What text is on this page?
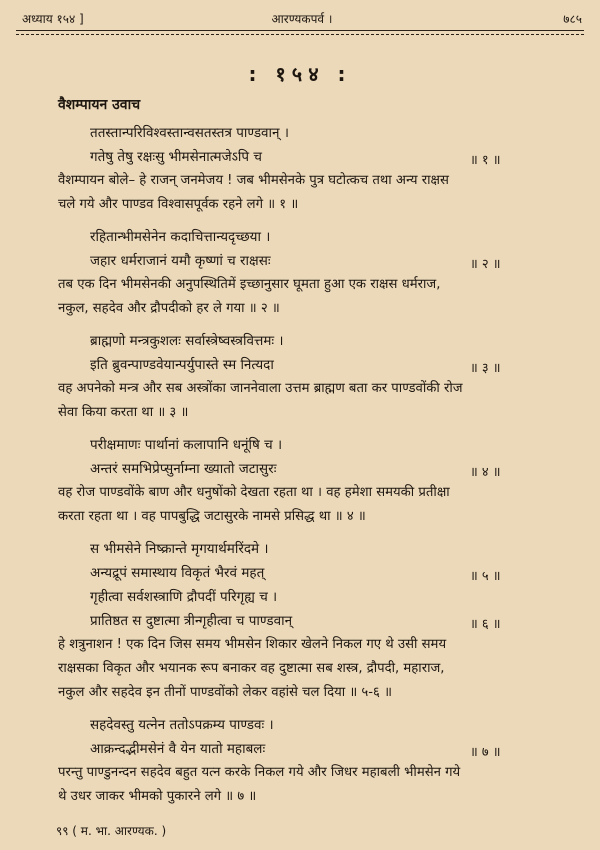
अध्याय १५४ ]	आरण्यकपर्व ।	७८५
: १५४ :
वैशम्पायन उवाच
ततस्तान्परिविश्वस्तान्वसतस्तत्र पाण्डवान् ।
गतेषु तेषु रक्षःसु भीमसेनात्मजेऽपि च	॥ १ ॥
वैशम्पायन बोले– हे राजन् जनमेजय ! जब भीमसेनके पुत्र घटोत्कच तथा अन्य राक्षस
चले गये और पाण्डव विश्वासपूर्वक रहने लगे ॥ १ ॥
रहितान्भीमसेनेन कदाचित्तान्यदृच्छया ।
जहार धर्मराजानं यमौ कृष्णां च राक्षसः	॥ २ ॥
तब एक दिन भीमसेनकी अनुपस्थितिमें इच्छानुसार घूमता हुआ एक राक्षस धर्मराज,
नकुल, सहदेव और द्रौपदीको हर ले गया ॥ २ ॥
ब्राह्मणो मन्त्रकुशलः सर्वास्त्रेष्वस्त्रवित्तमः ।
इति ब्रुवन्पाण्डवेयान्पर्युपास्ते स्म नित्यदा	॥ ३ ॥
वह अपनेको मन्त्र और सब अस्त्रोंका जाननेवाला उत्तम ब्राह्मण बता कर पाण्डवोंकी रोज
सेवा किया करता था ॥ ३ ॥
परीक्षमाणः पार्थानां कलापानि धनूंषि च ।
अन्तरं समभिप्रेप्सुर्नाम्ना ख्यातो जटासुरः	॥ ४ ॥
वह रोज पाण्डवोंके बाण और धनुषोंको देखता रहता था । वह हमेशा समयकी प्रतीक्षा
करता रहता था । वह पापबुद्धि जटासुरके नामसे प्रसिद्ध था ॥ ४ ॥
स भीमसेने निष्क्रान्ते मृगयार्थमरिंदमे ।
अन्यद्रूपं समास्थाय विकृतं भैरवं महत्	॥ ५ ॥
गृहीत्वा सर्वशस्त्राणि द्रौपदीं परिगृह्य च ।
प्रातिष्ठत स दुष्टात्मा त्रीन्गृहीत्वा च पाण्डवान्	॥ ६ ॥
हे शत्रुनाशन ! एक दिन जिस समय भीमसेन शिकार खेलने निकल गए थे उसी समय
राक्षसका विकृत और भयानक रूप बनाकर वह दुष्टात्मा सब शस्त्र, द्रौपदी, महाराज,
नकुल और सहदेव इन तीनों पाण्डवोंको लेकर वहांसे चल दिया ॥ ५-६ ॥
सहदेवस्तु यत्नेन ततोऽपक्रम्य पाण्डवः ।
आक्रन्दद्भीमसेनं वै येन यातो महाबलः	॥ ७ ॥
परन्तु पाण्डुनन्दन सहदेव बहुत यत्न करके निकल गये और जिधर महाबली भीमसेन गये
थे उधर जाकर भीमको पुकारने लगे ॥ ७ ॥
९९ ( म. भा. आरण्यक. )
